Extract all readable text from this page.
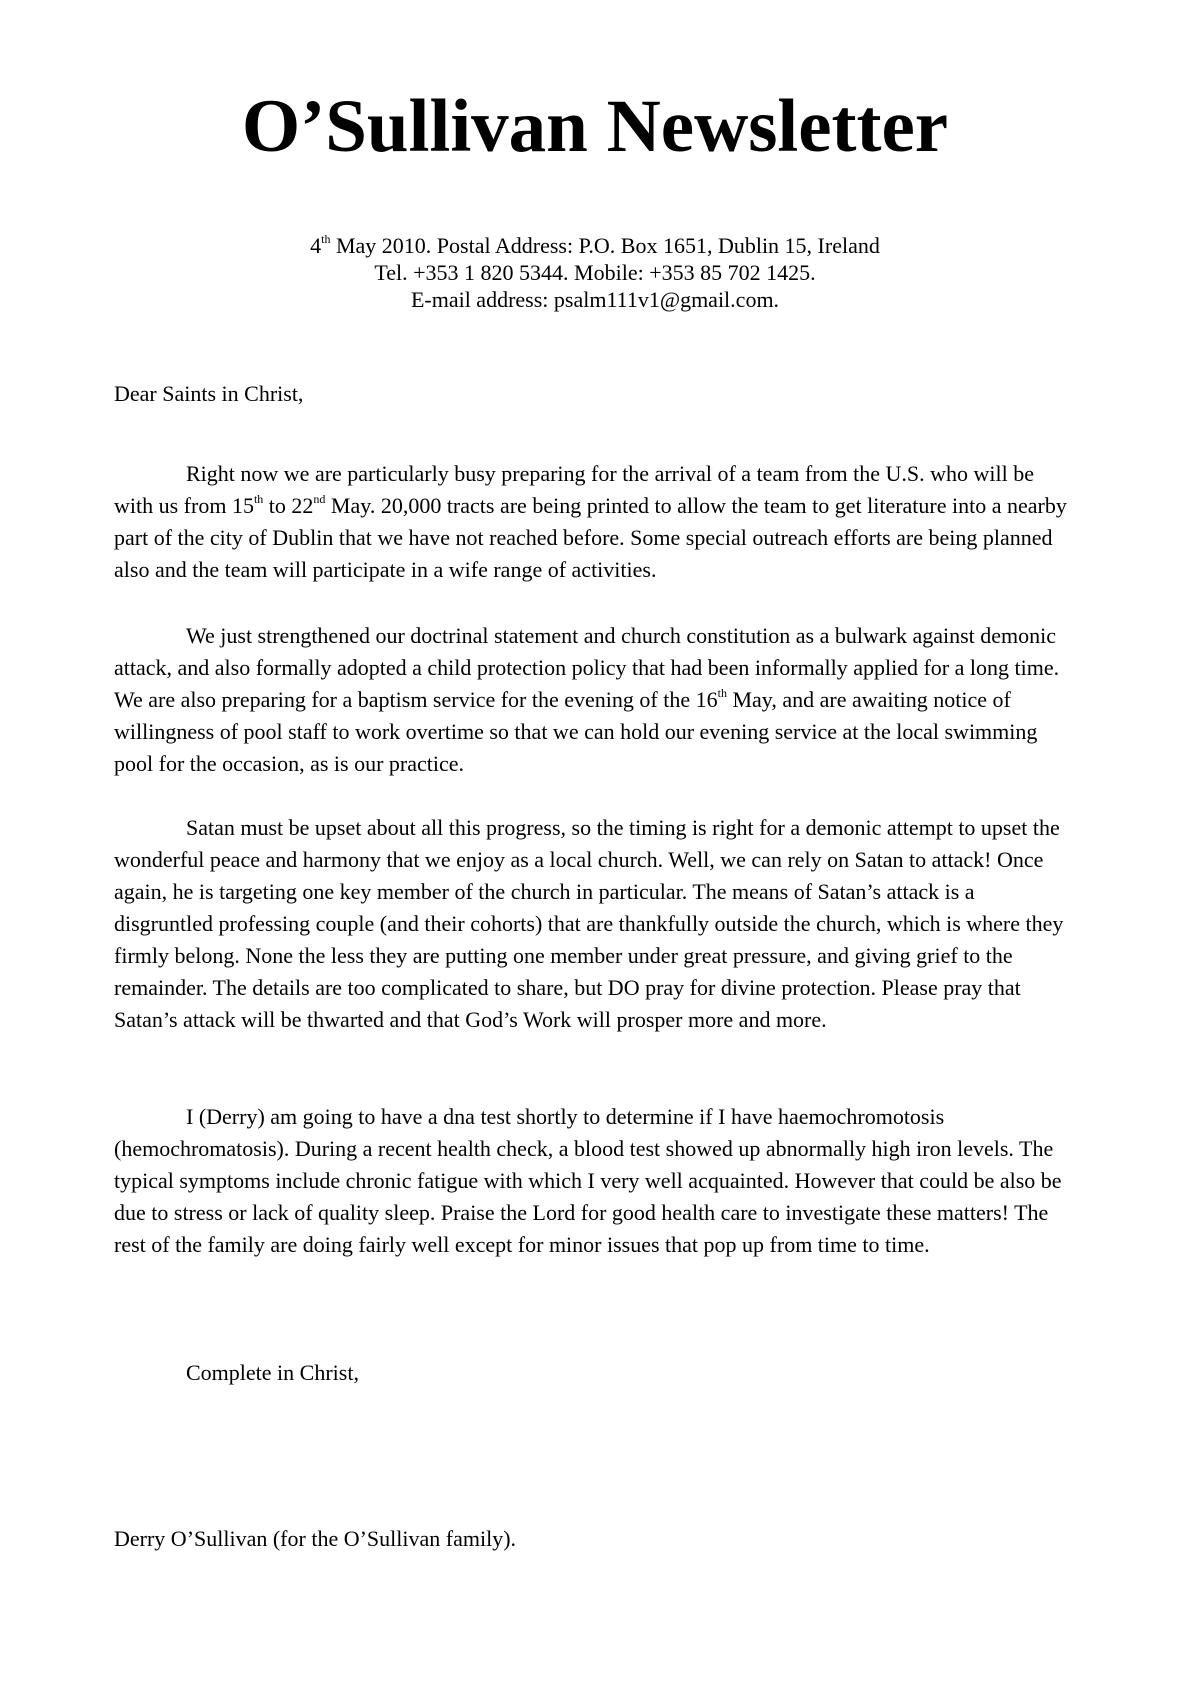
O’Sullivan Newsletter
4th May 2010. Postal Address: P.O. Box 1651, Dublin 15, Ireland
Tel. +353 1 820 5344. Mobile: +353 85 702 1425.
E-mail address: psalm111v1@gmail.com.
Dear Saints in Christ,

Right now we are particularly busy preparing for the arrival of a team from the U.S. who will be with us from 15th to 22nd May. 20,000 tracts are being printed to allow the team to get literature into a nearby part of the city of Dublin that we have not reached before. Some special outreach efforts are being planned also and the team will participate in a wife range of activities.

We just strengthened our doctrinal statement and church constitution as a bulwark against demonic attack, and also formally adopted a child protection policy that had been informally applied for a long time. We are also preparing for a baptism service for the evening of the 16th May, and are awaiting notice of willingness of pool staff to work overtime so that we can hold our evening service at the local swimming pool for the occasion, as is our practice.

Satan must be upset about all this progress, so the timing is right for a demonic attempt to upset the wonderful peace and harmony that we enjoy as a local church. Well, we can rely on Satan to attack! Once again, he is targeting one key member of the church in particular. The means of Satan’s attack is a disgruntled professing couple (and their cohorts) that are thankfully outside the church, which is where they firmly belong. None the less they are putting one member under great pressure, and giving grief to the remainder. The details are too complicated to share, but DO pray for divine protection. Please pray that Satan’s attack will be thwarted and that God’s Work will prosper more and more.

I (Derry) am going to have a dna test shortly to determine if I have haemochromotosis (hemochromatosis). During a recent health check, a blood test showed up abnormally high iron levels. The typical symptoms include chronic fatigue with which I very well acquainted. However that could be also be due to stress or lack of quality sleep. Praise the Lord for good health care to investigate these matters! The rest of the family are doing fairly well except for minor issues that pop up from time to time.

Complete in Christ,
Derry O’Sullivan (for the O’Sullivan family).
